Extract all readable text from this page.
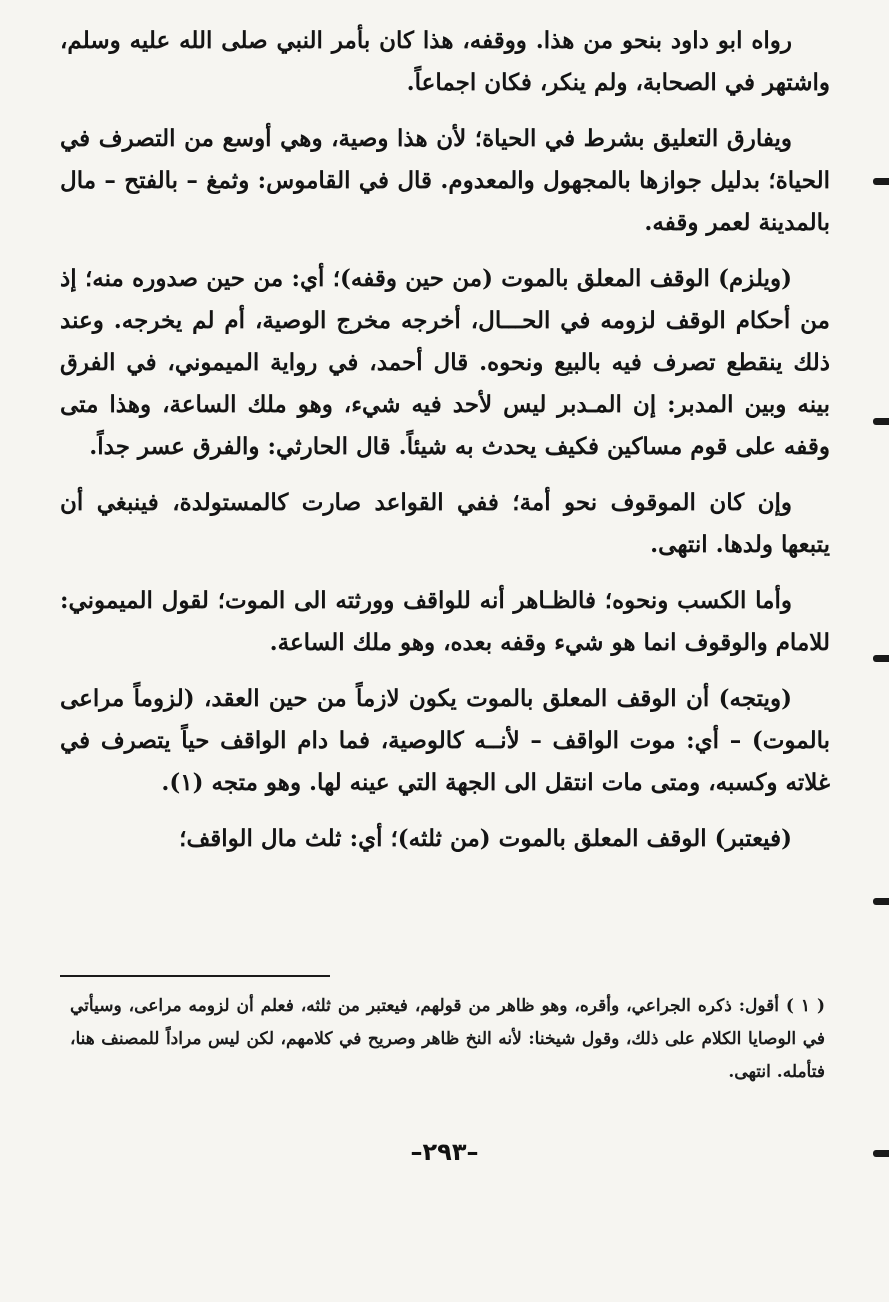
رواه ابو داود بنحو من هذا. ووقفه، هذا كان بأمر النبي صلى الله عليه وسلم، واشتهر في الصحابة، ولم ينكر، فكان اجماعاً.

ويفارق التعليق بشرط في الحياة؛ لأن هذا وصية، وهي أوسع من التصرف في الحياة؛ بدليل جوازها بالمجهول والمعدوم. قال في القاموس: وثمغ – بالفتح – مال بالمدينة لعمر وقفه.

(ويلزم) الوقف المعلق بالموت (من حين وقفه)؛ أي: من حين صدوره منه؛ إذ من أحكام الوقف لزومه في الحـــال، أخرجه مخرج الوصية، أم لم يخرجه. وعند ذلك ينقطع تصرف فيه بالبيع ونحوه. قال أحمد، في رواية الميموني، في الفرق بينه وبين المدبر: إن المـدبر ليس لأحد فيه شيء، وهو ملك الساعة، وهذا متى وقفه على قوم مساكين فكيف يحدث به شيئاً. قال الحارثي: والفرق عسر جداً.

وإن كان الموقوف نحو أمة؛ ففي القواعد صارت كالمستولدة، فينبغي أن يتبعها ولدها. انتهى.

وأما الكسب ونحوه؛ فالظـاهر أنه للواقف وورثته الى الموت؛ لقول الميموني: للامام والوقوف انما هو شيء وقفه بعده، وهو ملك الساعة.

(ويتجه) أن الوقف المعلق بالموت يكون لازماً من حين العقد، (لزوماً مراعى بالموت) – أي: موت الواقف – لأنــه كالوصية، فما دام الواقف حياً يتصرف في غلاته وكسبه، ومتى مات انتقل الى الجهة التي عينه لها. وهو متجه (١).

(فيعتبر) الوقف المعلق بالموت (من ثلثه)؛ أي: ثلث مال الواقف؛

( ١ ) أقول: ذكره الجراعي، وأقره، وهو ظاهر من قولهم، فيعتبر من ثلثه، فعلم أن لزومه مراعى، وسيأتي في الوصايا الكلام على ذلك، وقول شيخنا: لأنه النخ ظاهر وصريح في كلامهم، لكن ليس مراداً للمصنف هنا، فتأمله. انتهى.

–٢٩٣–
